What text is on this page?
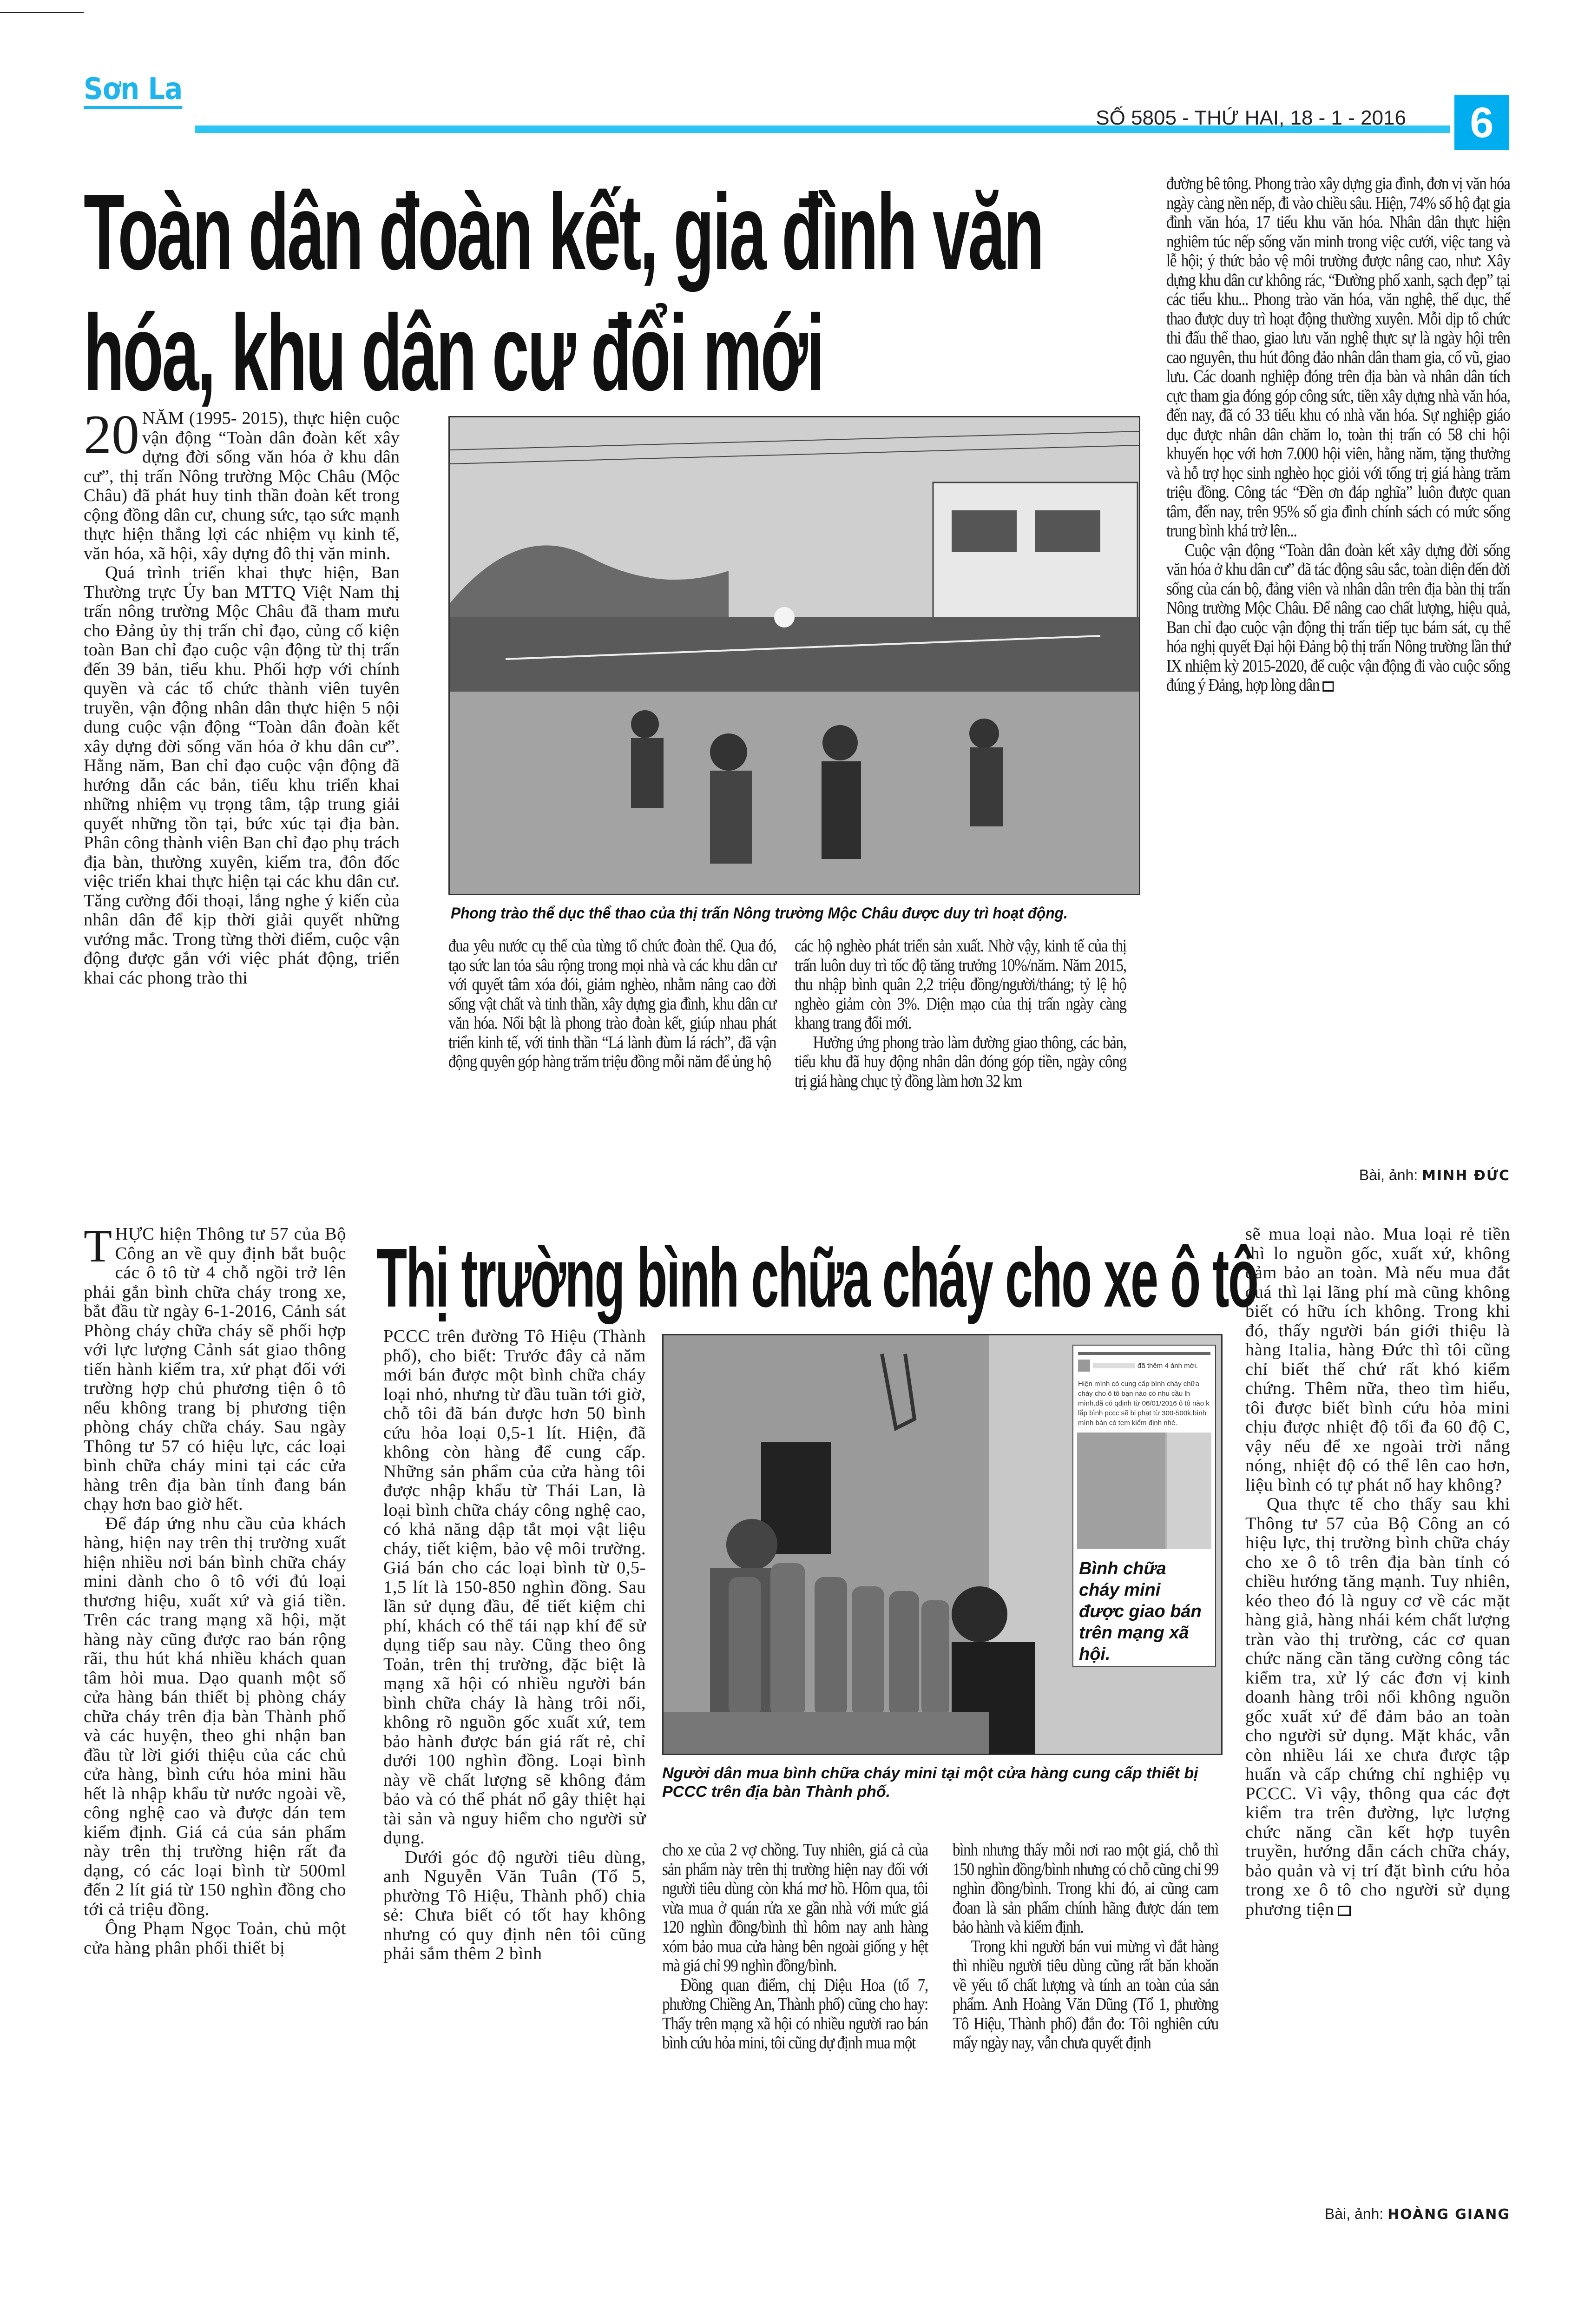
Sơn La
SỐ 5805 - THỨ HAI, 18 - 1 - 2016	6
Toàn dân đoàn kết, gia đình văn hóa, khu dân cư đổi mới

20 NĂM (1995- 2015), thực hiện cuộc vận động “Toàn dân đoàn kết xây dựng đời sống văn hóa ở khu dân cư”, thị trấn Nông trường Mộc Châu (Mộc Châu) đã phát huy tinh thần đoàn kết trong cộng đồng dân cư, chung sức, tạo sức mạnh thực hiện thắng lợi các nhiệm vụ kinh tế, văn hóa, xã hội, xây dựng đô thị văn minh.

Quá trình triển khai thực hiện, Ban Thường trực Ủy ban MTTQ Việt Nam thị trấn nông trường Mộc Châu đã tham mưu cho Đảng ủy thị trấn chỉ đạo, củng cố kiện toàn Ban chỉ đạo cuộc vận động từ thị trấn đến 39 bản, tiểu khu. Phối hợp với chính quyền và các tổ chức thành viên tuyên truyền, vận động nhân dân thực hiện 5 nội dung cuộc vận động “Toàn dân đoàn kết xây dựng đời sống văn hóa ở khu dân cư”. Hằng năm, Ban chỉ đạo cuộc vận động đã hướng dẫn các bản, tiểu khu triển khai những nhiệm vụ trọng tâm, tập trung giải quyết những tồn tại, bức xúc tại địa bàn. Phân công thành viên Ban chỉ đạo phụ trách địa bàn, thường xuyên, kiểm tra, đôn đốc việc triển khai thực hiện tại các khu dân cư. Tăng cường đối thoại, lắng nghe ý kiến của nhân dân để kịp thời giải quyết những vướng mắc. Trong từng thời điểm, cuộc vận động được gắn với việc phát động, triển khai các phong trào thi

Phong trào thể dục thể thao của thị trấn Nông trường Mộc Châu được duy trì hoạt động.

đua yêu nước cụ thể của từng tổ chức đoàn thể. Qua đó, tạo sức lan tỏa sâu rộng trong mọi nhà và các khu dân cư với quyết tâm xóa đói, giảm nghèo, nhằm nâng cao đời sống vật chất và tinh thần, xây dựng gia đình, khu dân cư văn hóa. Nổi bật là phong trào đoàn kết, giúp nhau phát triển kinh tế, với tinh thần “Lá lành đùm lá rách”, đã vận động quyên góp hàng trăm triệu đồng mỗi năm để ủng hộ

các hộ nghèo phát triển sản xuất. Nhờ vậy, kinh tế của thị trấn luôn duy trì tốc độ tăng trưởng 10%/năm. Năm 2015, thu nhập bình quân 2,2 triệu đồng/người/tháng; tỷ lệ hộ nghèo giảm còn 3%. Diện mạo của thị trấn ngày càng khang trang đổi mới.

Hưởng ứng phong trào làm đường giao thông, các bản, tiểu khu đã huy động nhân dân đóng góp tiền, ngày công trị giá hàng chục tỷ đồng làm hơn 32 km

đường bê tông. Phong trào xây dựng gia đình, đơn vị văn hóa ngày càng nền nếp, đi vào chiều sâu. Hiện, 74% số hộ đạt gia đình văn hóa, 17 tiểu khu văn hóa. Nhân dân thực hiện nghiêm túc nếp sống văn minh trong việc cưới, việc tang và lễ hội; ý thức bảo vệ môi trường được nâng cao, như: Xây dựng khu dân cư không rác, “Đường phố xanh, sạch đẹp” tại các tiểu khu... Phong trào văn hóa, văn nghệ, thể dục, thể thao được duy trì hoạt động thường xuyên. Mỗi dịp tổ chức thi đấu thể thao, giao lưu văn nghệ thực sự là ngày hội trên cao nguyên, thu hút đông đảo nhân dân tham gia, cổ vũ, giao lưu. Các doanh nghiệp đóng trên địa bàn và nhân dân tích cực tham gia đóng góp công sức, tiền xây dựng nhà văn hóa, đến nay, đã có 33 tiểu khu có nhà văn hóa. Sự nghiệp giáo dục được nhân dân chăm lo, toàn thị trấn có 58 chi hội khuyến học với hơn 7.000 hội viên, hằng năm, tặng thưởng và hỗ trợ học sinh nghèo học giỏi với tổng trị giá hàng trăm triệu đồng. Công tác “Đền ơn đáp nghĩa” luôn được quan tâm, đến nay, trên 95% số gia đình chính sách có mức sống trung bình khá trở lên...

Cuộc vận động “Toàn dân đoàn kết xây dựng đời sống văn hóa ở khu dân cư” đã tác động sâu sắc, toàn diện đến đời sống của cán bộ, đảng viên và nhân dân trên địa bàn thị trấn Nông trường Mộc Châu. Để nâng cao chất lượng, hiệu quả, Ban chỉ đạo cuộc vận động thị trấn tiếp tục bám sát, cụ thể hóa nghị quyết Đại hội Đảng bộ thị trấn Nông trường lần thứ IX nhiệm kỳ 2015-2020, để cuộc vận động đi vào cuộc sống đúng ý Đảng, hợp lòng dân

Bài, ảnh: MINH ĐỨC
Thị trường bình chữa cháy cho xe ô tô

THỰC hiện Thông tư 57 của Bộ Công an về quy định bắt buộc các ô tô từ 4 chỗ ngồi trở lên phải gắn bình chữa cháy trong xe, bắt đầu từ ngày 6-1-2016, Cảnh sát Phòng cháy chữa cháy sẽ phối hợp với lực lượng Cảnh sát giao thông tiến hành kiểm tra, xử phạt đối với trường hợp chủ phương tiện ô tô nếu không trang bị phương tiện phòng cháy chữa cháy. Sau ngày Thông tư 57 có hiệu lực, các loại bình chữa cháy mini tại các cửa hàng trên địa bàn tỉnh đang bán chạy hơn bao giờ hết.

Để đáp ứng nhu cầu của khách hàng, hiện nay trên thị trường xuất hiện nhiều nơi bán bình chữa cháy mini dành cho ô tô với đủ loại thương hiệu, xuất xứ và giá tiền. Trên các trang mạng xã hội, mặt hàng này cũng được rao bán rộng rãi, thu hút khá nhiều khách quan tâm hỏi mua. Dạo quanh một số cửa hàng bán thiết bị phòng cháy chữa cháy trên địa bàn Thành phố và các huyện, theo ghi nhận ban đầu từ lời giới thiệu của các chủ cửa hàng, bình cứu hỏa mini hầu hết là nhập khẩu từ nước ngoài về, công nghệ cao và được dán tem kiểm định. Giá cả của sản phẩm này trên thị trường hiện rất đa dạng, có các loại bình từ 500ml đến 2 lít giá từ 150 nghìn đồng cho tới cả triệu đồng.

Ông Phạm Ngọc Toản, chủ một cửa hàng phân phối thiết bị

PCCC trên đường Tô Hiệu (Thành phố), cho biết: Trước đây cả năm mới bán được một bình chữa cháy loại nhỏ, nhưng từ đầu tuần tới giờ, chỗ tôi đã bán được hơn 50 bình cứu hỏa loại 0,5-1 lít. Hiện, đã không còn hàng để cung cấp. Những sản phẩm của cửa hàng tôi được nhập khẩu từ Thái Lan, là loại bình chữa cháy công nghệ cao, có khả năng dập tắt mọi vật liệu cháy, tiết kiệm, bảo vệ môi trường. Giá bán cho các loại bình từ 0,5-1,5 lít là 150-850 nghìn đồng. Sau lần sử dụng đầu, để tiết kiệm chi phí, khách có thể tái nạp khí để sử dụng tiếp sau này. Cũng theo ông Toản, trên thị trường, đặc biệt là mạng xã hội có nhiều người bán bình chữa cháy là hàng trôi nổi, không rõ nguồn gốc xuất xứ, tem bảo hành được bán giá rất rẻ, chỉ dưới 100 nghìn đồng. Loại bình này về chất lượng sẽ không đảm bảo và có thể phát nổ gây thiệt hại tài sản và nguy hiểm cho người sử dụng.

Dưới góc độ người tiêu dùng, anh Nguyễn Văn Tuân (Tổ 5, phường Tô Hiệu, Thành phố) chia sẻ: Chưa biết có tốt hay không nhưng có quy định nên tôi cũng phải sắm thêm 2 bình

đã thêm 4 ảnh mới.
Hiện mình có cung cấp bình cháy chữa cháy cho ô tô bạn nào có nhu cầu lh mình.đã có qđịnh từ 06/01/2016 ô tô nào k lắp bình pccc sẽ bị phạt từ 300-500k.bình mình bán có tem kiểm định nhé.
Bình chữa cháy mini được giao bán trên mạng xã hội.
Người dân mua bình chữa cháy mini tại một cửa hàng cung cấp thiết bị PCCC trên địa bàn Thành phố.

cho xe của 2 vợ chồng. Tuy nhiên, giá cả của sản phẩm này trên thị trường hiện nay đối với người tiêu dùng còn khá mơ hồ. Hôm qua, tôi vừa mua ở quán rửa xe gần nhà với mức giá 120 nghìn đồng/bình thì hôm nay anh hàng xóm bảo mua cửa hàng bên ngoài giống y hệt mà giá chỉ 99 nghìn đồng/bình.

Đồng quan điểm, chị Diệu Hoa (tổ 7, phường Chiềng An, Thành phố) cũng cho hay: Thấy trên mạng xã hội có nhiều người rao bán bình cứu hỏa mini, tôi cũng dự định mua một

bình nhưng thấy mỗi nơi rao một giá, chỗ thì 150 nghìn đồng/bình nhưng có chỗ cũng chỉ 99 nghìn đồng/bình. Trong khi đó, ai cũng cam đoan là sản phẩm chính hãng được dán tem bảo hành và kiểm định.

Trong khi người bán vui mừng vì đắt hàng thì nhiều người tiêu dùng cũng rất băn khoăn về yếu tố chất lượng và tính an toàn của sản phẩm. Anh Hoàng Văn Dũng (Tổ 1, phường Tô Hiệu, Thành phố) đắn đo: Tôi nghiên cứu mấy ngày nay, vẫn chưa quyết định

sẽ mua loại nào. Mua loại rẻ tiền thì lo nguồn gốc, xuất xứ, không đảm bảo an toàn. Mà nếu mua đắt quá thì lại lãng phí mà cũng không biết có hữu ích không. Trong khi đó, thấy người bán giới thiệu là hàng Italia, hàng Đức thì tôi cũng chỉ biết thế chứ rất khó kiểm chứng. Thêm nữa, theo tìm hiểu, tôi được biết bình cứu hỏa mini chịu được nhiệt độ tối đa 60 độ C, vậy nếu để xe ngoài trời nắng nóng, nhiệt độ có thể lên cao hơn, liệu bình có tự phát nổ hay không?

Qua thực tế cho thấy sau khi Thông tư 57 của Bộ Công an có hiệu lực, thị trường bình chữa cháy cho xe ô tô trên địa bàn tỉnh có chiều hướng tăng mạnh. Tuy nhiên, kéo theo đó là nguy cơ về các mặt hàng giả, hàng nhái kém chất lượng tràn vào thị trường, các cơ quan chức năng cần tăng cường công tác kiểm tra, xử lý các đơn vị kinh doanh hàng trôi nổi không nguồn gốc xuất xứ để đảm bảo an toàn cho người sử dụng. Mặt khác, vẫn còn nhiều lái xe chưa được tập huấn và cấp chứng chỉ nghiệp vụ PCCC. Vì vậy, thông qua các đợt kiểm tra trên đường, lực lượng chức năng cần kết hợp tuyên truyền, hướng dẫn cách chữa cháy, bảo quản và vị trí đặt bình cứu hỏa trong xe ô tô cho người sử dụng phương tiện

Bài, ảnh: HOÀNG GIANG
